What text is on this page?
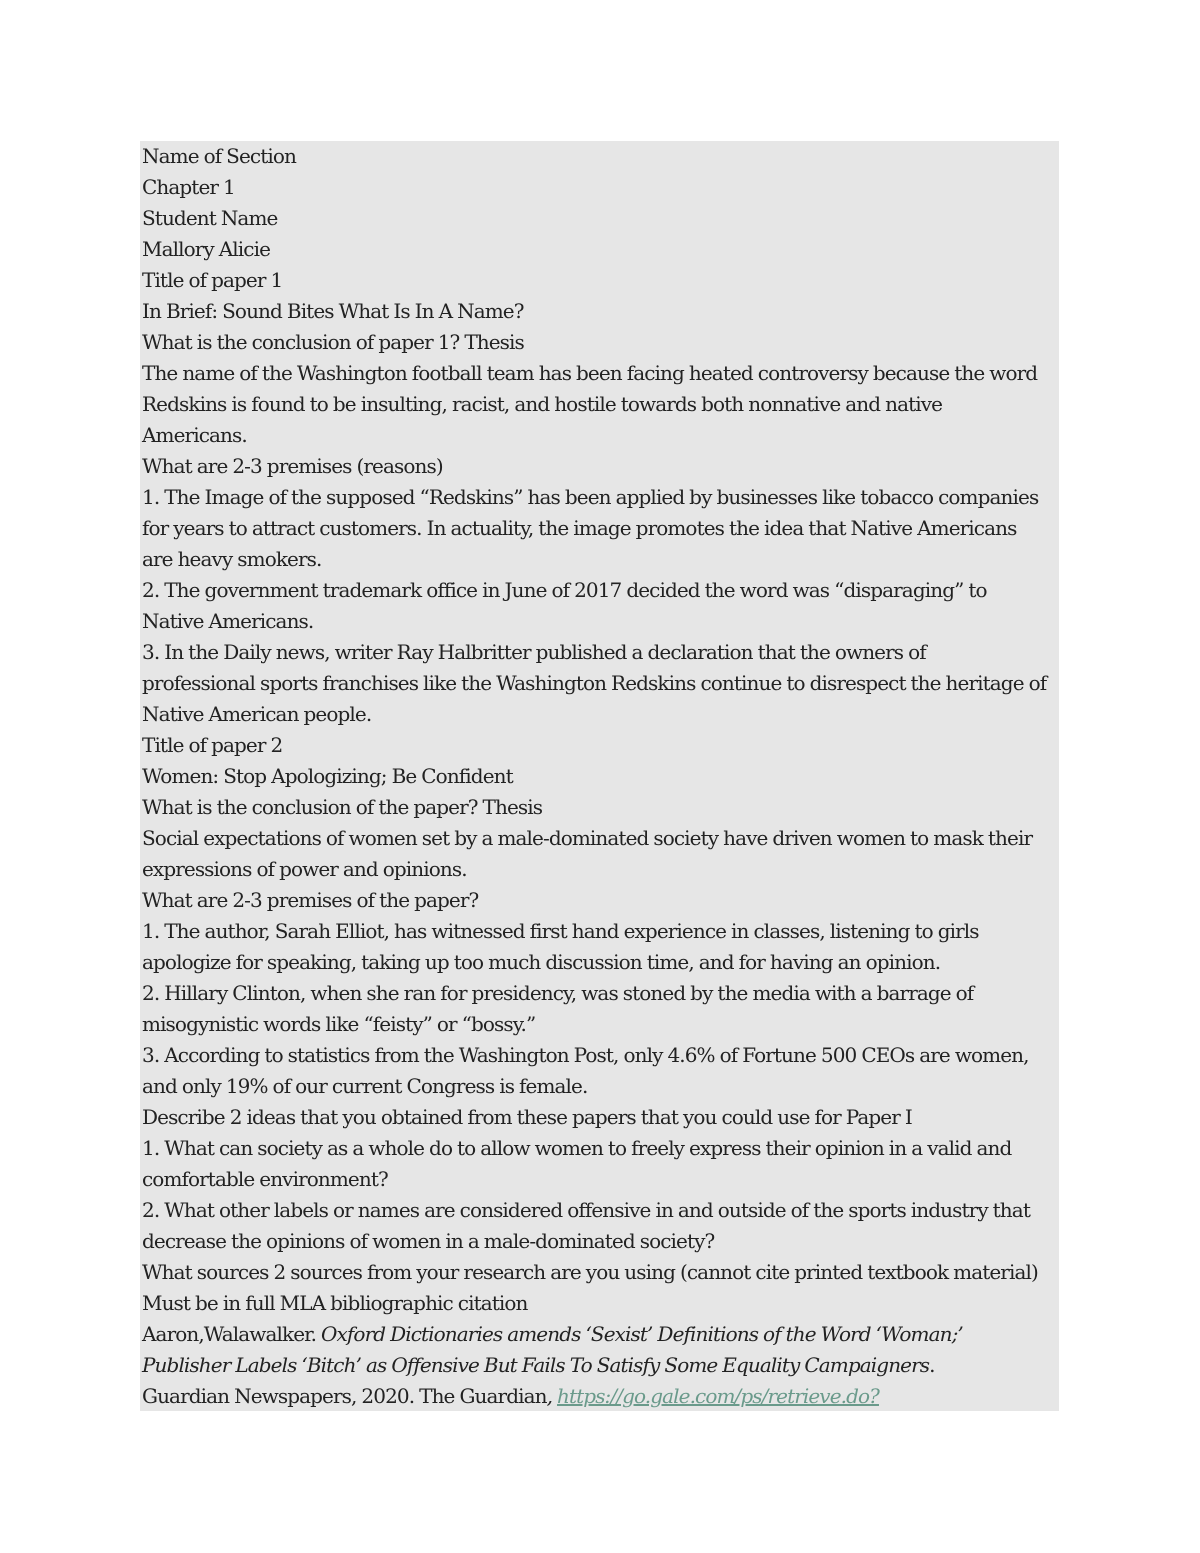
Name of Section
Chapter 1
Student Name
Mallory Alicie
Title of paper 1
In Brief: Sound Bites What Is In A Name?
What is the conclusion of paper 1? Thesis
The name of the Washington football team has been facing heated controversy because the word
Redskins is found to be insulting, racist, and hostile towards both nonnative and native
Americans.
What are 2-3 premises (reasons)
1. The Image of the supposed “Redskins” has been applied by businesses like tobacco companies
for years to attract customers. In actuality, the image promotes the idea that Native Americans
are heavy smokers.
2. The government trademark office in June of 2017 decided the word was “disparaging” to
Native Americans.
3. In the Daily news, writer Ray Halbritter published a declaration that the owners of
professional sports franchises like the Washington Redskins continue to disrespect the heritage of
Native American people.
Title of paper 2
Women: Stop Apologizing; Be Confident
What is the conclusion of the paper? Thesis
Social expectations of women set by a male-dominated society have driven women to mask their
expressions of power and opinions.
What are 2-3 premises of the paper?
1. The author, Sarah Elliot, has witnessed first hand experience in classes, listening to girls
apologize for speaking, taking up too much discussion time, and for having an opinion.
2. Hillary Clinton, when she ran for presidency, was stoned by the media with a barrage of
misogynistic words like “feisty” or “bossy.”
3. According to statistics from the Washington Post, only 4.6% of Fortune 500 CEOs are women,
and only 19% of our current Congress is female.
Describe 2 ideas that you obtained from these papers that you could use for Paper I
1. What can society as a whole do to allow women to freely express their opinion in a valid and
comfortable environment?
2. What other labels or names are considered offensive in and outside of the sports industry that
decrease the opinions of women in a male-dominated society?
What sources 2 sources from your research are you using (cannot cite printed textbook material)
Must be in full MLA bibliographic citation
Aaron,Walawalker. Oxford Dictionaries amends ‘Sexist’ Definitions of the Word ‘Woman;’
Publisher Labels ‘Bitch’ as Offensive But Fails To Satisfy Some Equality Campaigners.
Guardian Newspapers, 2020. The Guardian, https://go.gale.com/ps/retrieve.do?
